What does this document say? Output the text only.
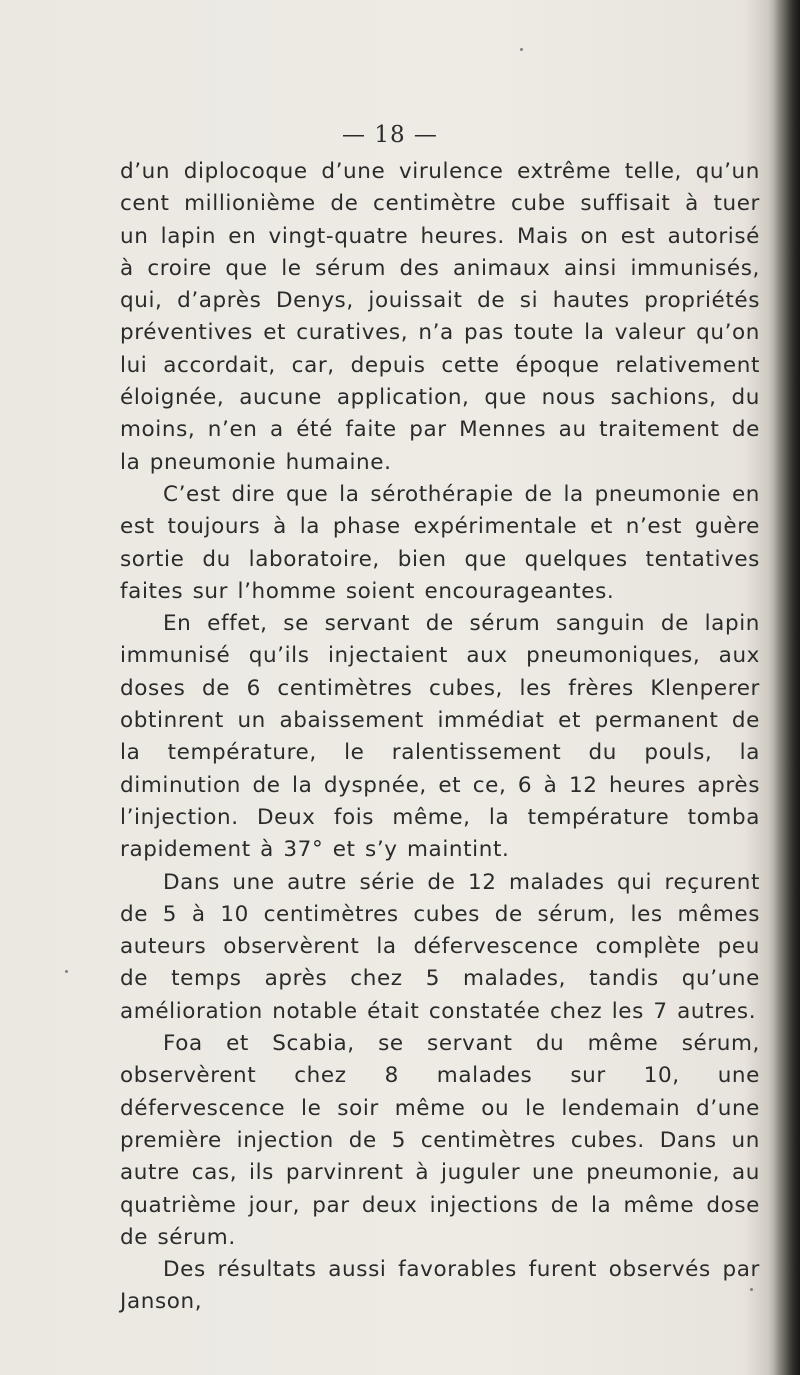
— 18 —

d’un diplocoque d’une virulence extrême telle, qu’un cent millionième de centimètre cube suffisait à tuer un lapin en vingt-quatre heures. Mais on est autorisé à croire que le sérum des animaux ainsi immunisés, qui, d’après Denys, jouissait de si hautes propriétés préventives et curatives, n’a pas toute la valeur qu’on lui accordait, car, depuis cette époque relativement éloignée, aucune application, que nous sachions, du moins, n’en a été faite par Mennes au traitement de la pneumonie humaine.

C’est dire que la sérothérapie de la pneumonie en est toujours à la phase expérimentale et n’est guère sortie du laboratoire, bien que quelques tentatives faites sur l’homme soient encourageantes.

En effet, se servant de sérum sanguin de lapin immunisé qu’ils injectaient aux pneumoniques, aux doses de 6 centimètres cubes, les frères Klenperer obtinrent un abaissement immédiat et permanent de la température, le ralentissement du pouls, la diminution de la dyspnée, et ce, 6 à 12 heures après l’injection. Deux fois même, la température tomba rapidement à 37° et s’y maintint.

Dans une autre série de 12 malades qui reçurent de 5 à 10 centimètres cubes de sérum, les mêmes auteurs observèrent la défervescence complète peu de temps après chez 5 malades, tandis qu’une amélioration notable était constatée chez les 7 autres.

Foa et Scabia, se servant du même sérum, observèrent chez 8 malades sur 10, une défervescence le soir même ou le lendemain d’une première injection de 5 centimètres cubes. Dans un autre cas, ils parvinrent à juguler une pneumonie, au quatrième jour, par deux injections de la même dose de sérum.

Des résultats aussi favorables furent observés par Janson,
